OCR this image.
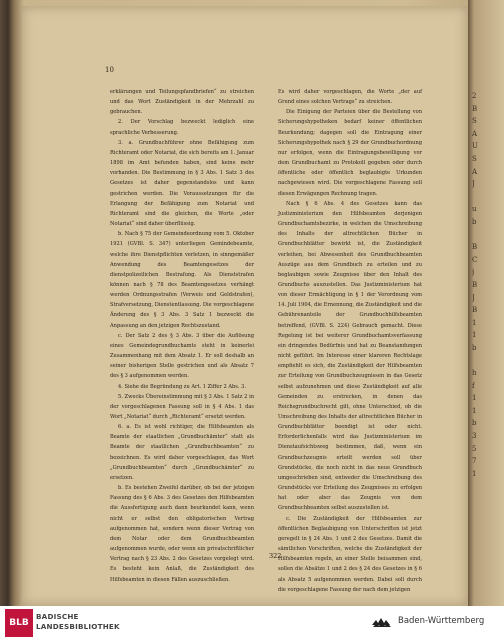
2
B
S
A
U
S
A
J

u
b

B
C
j
B
J
B
1
1
b

h
f
1
1
b
3
5
7
1
10

erklärungen und Teilungspfandbriefen“ zu streichen und das Wort Zuständigkeit in der Mehrzahl zu gebrauchen.

2. Der Vorschlag bezweckt lediglich eine sprachliche Verbesserung.

3. a. Grundbuchführer ohne Befähigung zum Richteramt oder Notariat, die sich bereits am 1. Januar 1898 im Amt befunden haben, sind keine mehr vorhanden. Die Bestimmung in § 3 Abs. 1 Satz 3 des Gesetzes ist daher gegenstandslos und kann gestrichen werden. Die Voraussetzungen für die Erlangung der Befähigung zum Notariat und Richteramt sind die gleichen, die Worte „oder Notariat“ sind daher überflüssig.

b. Nach § 75 der Gemeindeordnung vom 5. Oktober 1921 (GVBl. S. 347) unterliegen Gemindebeamte, welche ihre Dienstpflichten verletzen, in sinngemäßer Anwendung des Beamtengesetzes der dienstpolizeilichen Bestrafung. Als Dienststrafen können nach § 78 des Beamtengesetzes verhängt werden Ordnungsstrafen (Verweis und Geldstrafen), Strafversetzung, Dienstentlassung. Die vorgeschlagene Änderung des § 3 Abs. 3 Satz 1 bezweckt die Anpassung an den jetzigen Rechtszustand.

c. Der Satz 2 des § 3 Abs. 3 über die Auflösung eines Gemeindegrundbuchamts steht in keinerlei Zusammenhang mit dem Absatz 1. Er soll deshalb an seiner bisherigen Stelle gestrichen und als Absatz 7 des § 3 aufgenommen werden.

4. Siehe die Begründung zu Art. 1 Ziffer 2 Abs. 3.

5. Zwecks Übereinstimmung mit § 3 Abs. 1 Satz 2 in der vorgeschlagenen Fassung soll in § 4 Abs. 1 das Wort „Notariat“ durch „Richteramt“ ersetzt werden.

6. a. Es ist wohl richtiger, die Hilfsbeamten als Beamte der staatlichen „Grundbuchämter“ statt als Beamte der staatlichen „Grundbuchbeamten“ zu bezeichnen. Es wird daher vorgeschlagen, das Wort „Grundbuchbeamten“ durch „Grundbuchämter“ zu ersetzen.

b. Es bestehen Zweifel darüber, ob bei der jetzigen Fassung des § 6 Abs. 3 des Gesetzes den Hilfsbeamten die Aussfertigung auch dann beurkundet kann, wenn nicht er selbst den obligatorischen Vertrag aufgenommen hat, sondern wenn dieser Vertrag von dem Notar oder dem Grundbuchbeamten aufgenommen wurde, oder wenn ein privatschriftlicher Vertrag nach § 23 Abs. 2 des Gesetzes vorgelegt wird. Es besteht kein Anlaß, die Zuständigkeit des Hilfsbeamten in diesen Fällen auszuschließen.

Es wird daher vorgeschlagen, die Worte „der auf Grund eines solchen Vertrags“ zu streichen.

Die Einigung der Parteien über die Bestellung von Sicherungshypotheken bedarf keiner öffentlichen Beurkundung; dagegen soll die Eintragung einer Sicherungshypothek nach § 29 der Grundbuchordnung nur erfolgen, wenn die Eintragungsbewilligung vor dem Grundbuchamt zu Protokoll gegeben oder durch öffentliche oder öffentlich beglaubigte Urkunden nachgewiesen wird. Die vorgeschlagene Fassung soll diesen Erwägungen Rechnung tragen.

Nach § 6 Abs. 4 des Gesetzes kann das Justizministerium den Hilfsbeamten derjenigen Grundbuchamtsbezirke, in welchen die Umschreibung des Inhalts der altrechtlichen Bücher in Grundbuchblätter bewirkt ist, die Zuständigkeit verleihen, bei Abwesenheit des Grundbuchbeamten Auszüge aus dem Grundbuch zu erteilen und zu beglaubigen sowie Zeugnisse über den Inhalt des Grundbuchs auszustellen. Das Justizministerium hat von dieser Ermächtigung in § 1 der Verordnung vom 14. Juli 1904, die Ernennung, die Zuständigkeit und die Gebührenanteile der Grundbuchhilfsbeamten betreffend, (GVBl. S. 224) Gebrauch gemacht. Diese Regelung ist bei weiterer Grundbuchamtsverfassung ein dringendes Bedürfnis und hat zu Beanstandungen nicht geführt. Im Interesse einer klareren Rechtslage empfiehlt es sich, die Zuständigkeit der Hilfsbeamten zur Erteilung von Grundbuchzeugnissen in das Gesetz selbst aufzunehmen und diese Zuständigkeit auf alle Gemeinden zu erstrecken, in denen das Reichsgrundbuchrecht gilt, ohne Unterschied, ob die Umschreibung des Inhalts der altrechtlichen Bücher in Grundbuchblätter beendigt ist oder nicht. Erforderlichenfalls wird das Justizministerium im Dienstaufsichtsweg bestimmen, daß, wenn ein Grundbuchzeugnis erteilt werden soll über Grundstücke, die noch nicht in das neue Grundbuch umgeschrieben sind, entweder die Umschreibung des Grundstücks vor Erteilung des Zeugnisses zu erfolgen hat oder aber das Zeugnis von dem Grundbuchbeamten selbst auszustellen ist.

c. Die Zuständigkeit der Hilfsbeamten zur öffentlichen Beglaubigung von Unterschriften ist jetzt geregelt in § 24 Abs. 1 und 2 des Gesetzes. Damit die sämtlichen Vorschriften, welche die Zuständigkeit der Hilfsbeamten regeln, an einer Stelle beisammen sind, sollen die Absätze 1 und 2 des § 24 des Gesetzes in § 6 als Absatz 5 aufgenommen werden. Dabei soll durch die vorgeschlagene Fassung der nach dem jetzigen

322
BLB
BADISCHE
LANDESBIBLIOTHEK
Baden-Württemberg
